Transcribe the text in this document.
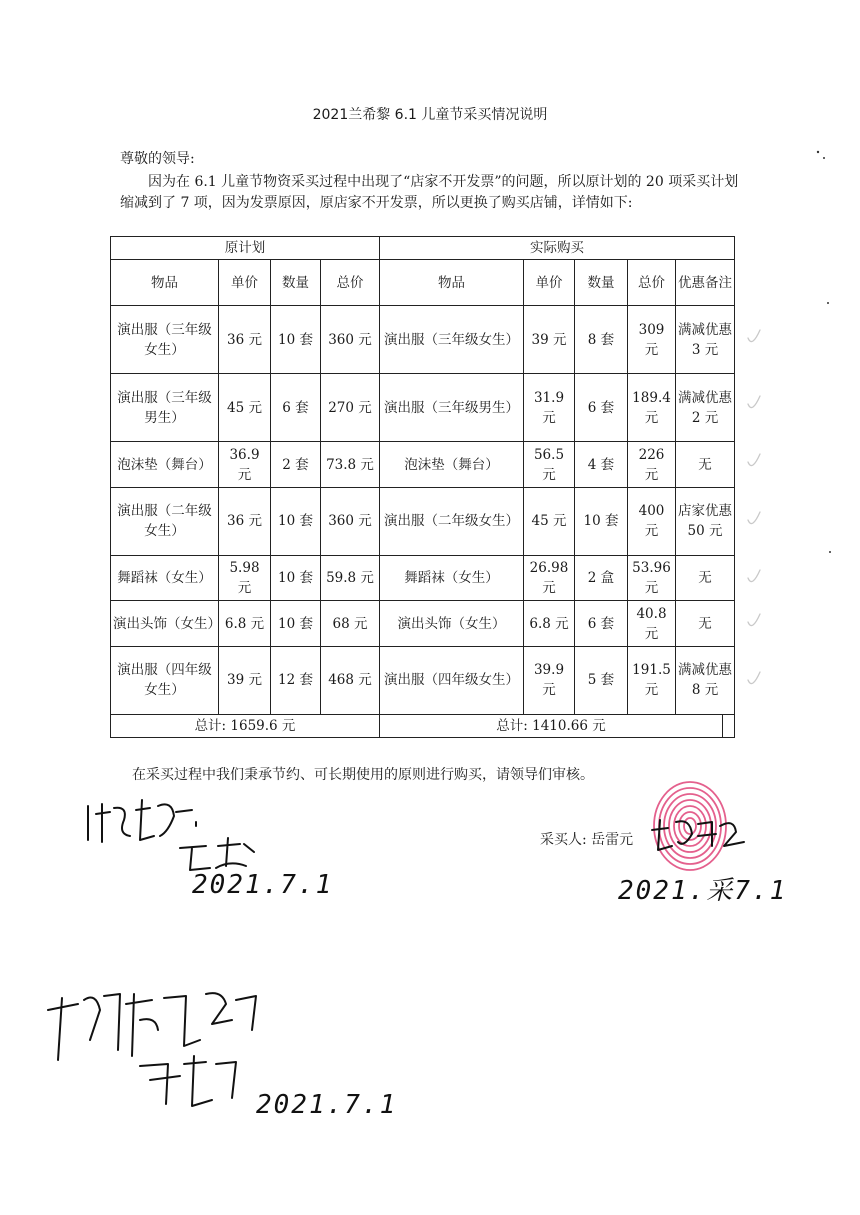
2021兰希黎 6.1 儿童节采买情况说明
尊敬的领导:

因为在 6.1 儿童节物资采买过程中出现了“店家不开发票”的问题，所以原计划的 20 项采买计划缩减到了 7 项，因为发票原因，原店家不开发票，所以更换了购买店铺，详情如下:

原计划				实际购买					
物品	单价	数量	总价	物品	单价	数量	总价	优惠备注	
演出服（三年级女生）	36 元	10 套	360 元	演出服（三年级女生）	39 元	8 套	309 元	满减优惠 3 元	
演出服（三年级男生）	45 元	6 套	270 元	演出服（三年级男生）	31.9 元	6 套	189.4 元	满减优惠 2 元	
泡沫垫（舞台）	36.9 元	2 套	73.8 元	泡沫垫（舞台）	56.5 元	4 套	226 元	无	
演出服（二年级女生）	36 元	10 套	360 元	演出服（二年级女生）	45 元	10 套	400 元	店家优惠 50 元	
舞蹈袜（女生）	5.98 元	10 套	59.8 元	舞蹈袜（女生）	26.98 元	2 盒	53.96 元	无	
演出头饰（女生）	6.8 元	10 套	68 元	演出头饰（女生）	6.8 元	6 套	40.8 元	无	
演出服（四年级女生）	39 元	12 套	468 元	演出服（四年级女生）	39.9 元	5 套	191.5 元	满减优惠 8 元	
总计: 1659.6 元				总计: 1410.66 元					
在采买过程中我们秉承节约、可长期使用的原则进行购买，请领导们审核。
采买人: 岳雷元
2021.采7.1
2021.7.1
2021.7.1
